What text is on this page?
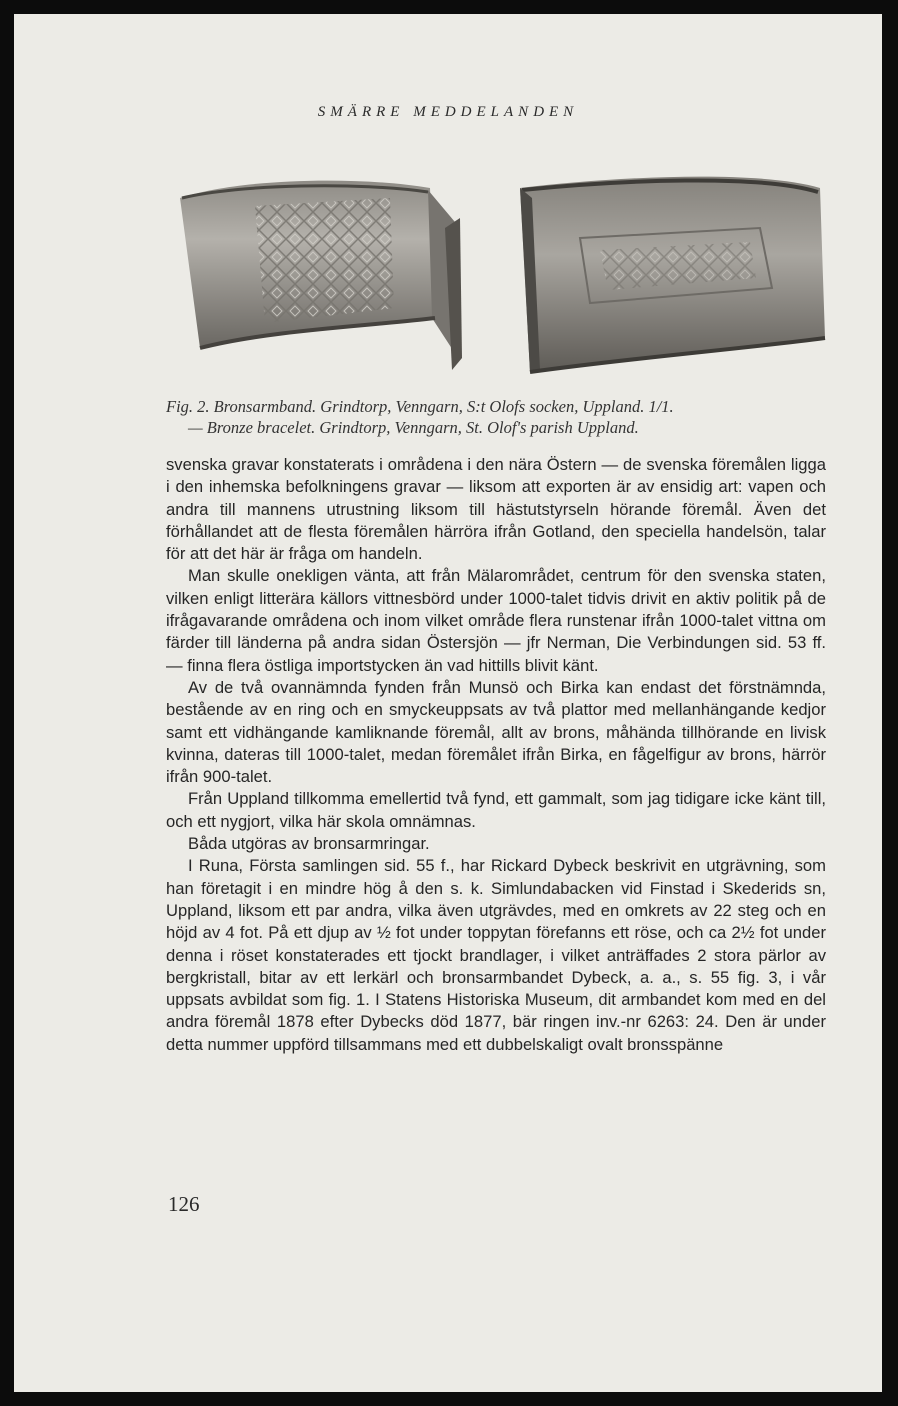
SMÄRRE MEDDELANDEN
Fig. 2. Bronsarmband. Grindtorp, Venngarn, S:t Olofs socken, Uppland. 1/1.
— Bronze bracelet. Grindtorp, Venngarn, St. Olof's parish Uppland.

svenska gravar konstaterats i områdena i den nära Östern — de svenska föremålen ligga i den inhemska befolkningens gravar — liksom att exporten är av ensidig art: vapen och andra till mannens utrustning liksom till hästutstyrseln hörande föremål. Även det förhållandet att de flesta föremålen härröra ifrån Gotland, den speciella handelsön, talar för att det här är fråga om handeln.

Man skulle onekligen vänta, att från Mälarområdet, centrum för den svenska staten, vilken enligt litterära källors vittnesbörd under 1000-talet tidvis drivit en aktiv politik på de ifrågavarande områdena och inom vilket område flera runstenar ifrån 1000-talet vittna om färder till länderna på andra sidan Östersjön — jfr Nerman, Die Verbindungen sid. 53 ff. — finna flera östliga importstycken än vad hittills blivit känt.

Av de två ovannämnda fynden från Munsö och Birka kan endast det förstnämnda, bestående av en ring och en smyckeuppsats av två plattor med mellanhängande kedjor samt ett vidhängande kamliknande föremål, allt av brons, måhända tillhörande en livisk kvinna, dateras till 1000-talet, medan föremålet ifrån Birka, en fågelfigur av brons, härrör ifrån 900-talet.

Från Uppland tillkomma emellertid två fynd, ett gammalt, som jag tidigare icke känt till, och ett nygjort, vilka här skola omnämnas.

Båda utgöras av bronsarmringar.

I Runa, Första samlingen sid. 55 f., har Rickard Dybeck beskrivit en utgrävning, som han företagit i en mindre hög å den s. k. Simlundabacken vid Finstad i Skederids sn, Uppland, liksom ett par andra, vilka även utgrävdes, med en omkrets av 22 steg och en höjd av 4 fot. På ett djup av ½ fot under toppytan förefanns ett röse, och ca 2½ fot under denna i röset konstaterades ett tjockt brandlager, i vilket anträffades 2 stora pärlor av bergkristall, bitar av ett lerkärl och bronsarmbandet Dybeck, a. a., s. 55 fig. 3, i vår uppsats avbildat som fig. 1. I Statens Historiska Museum, dit armbandet kom med en del andra föremål 1878 efter Dybecks död 1877, bär ringen inv.-nr 6263: 24. Den är under detta nummer uppförd tillsammans med ett dubbelskaligt ovalt bronsspänne

126
